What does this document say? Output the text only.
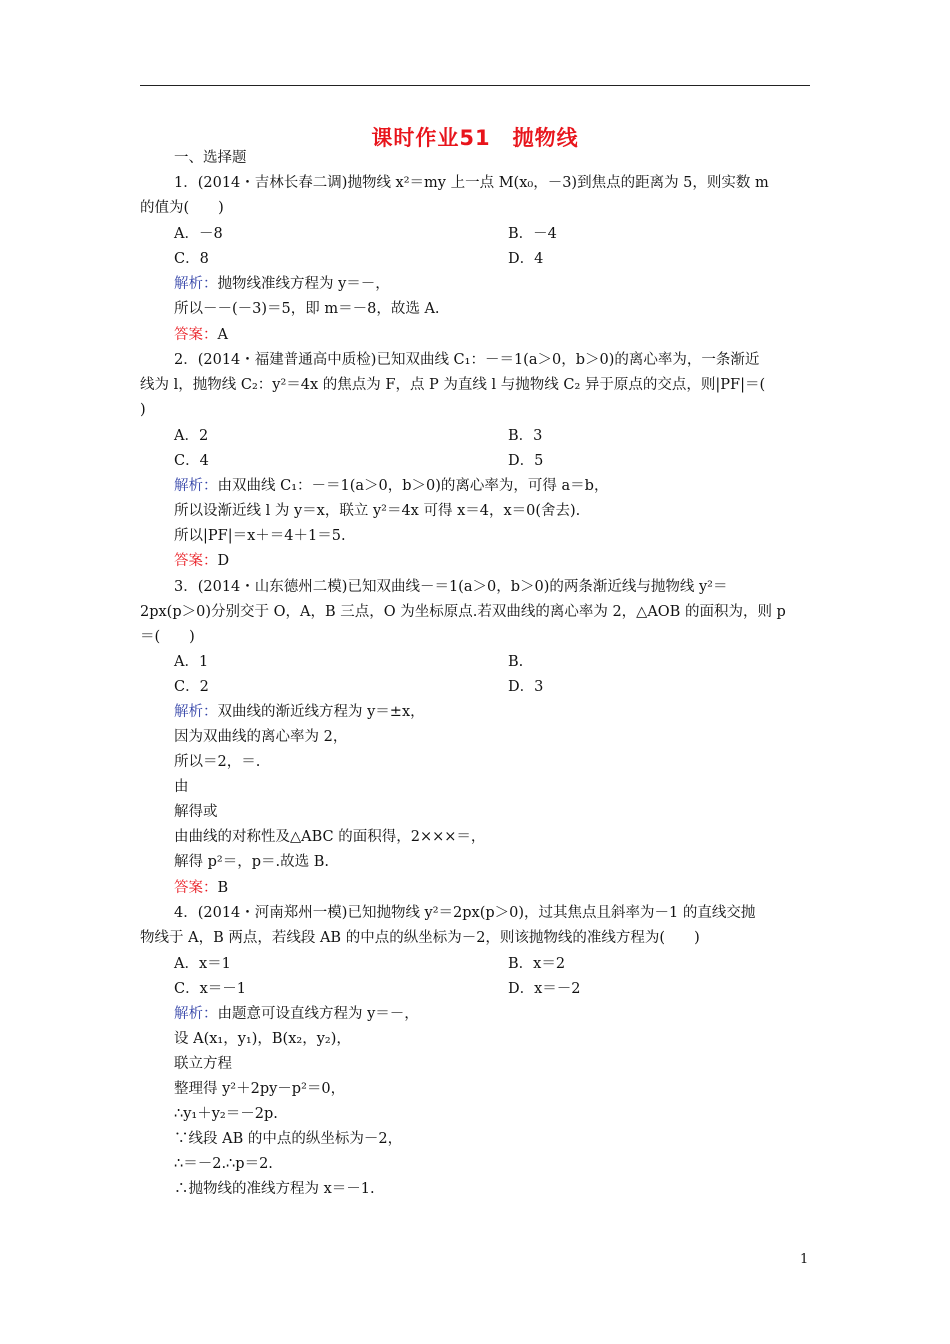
课时作业51　抛物线
一、选择题
1．(2014・吉林长春二调)抛物线 x²＝my 上一点 M(x₀，－3)到焦点的距离为 5，则实数 m
的值为(　　)
A．－8	B．－4
C．8	D．4
解析：抛物线准线方程为 y＝－，
所以－－(－3)＝5，即 m＝－8，故选 A.
答案：A
2．(2014・福建普通高中质检)已知双曲线 C₁：－＝1(a＞0，b＞0)的离心率为，一条渐近
线为 l，抛物线 C₂：y²＝4x 的焦点为 F，点 P 为直线 l 与抛物线 C₂ 异于原点的交点，则|PF|＝(
)
A．2	B．3
C．4	D．5
解析：由双曲线 C₁：－＝1(a＞0，b＞0)的离心率为，可得 a＝b，
所以设渐近线 l 为 y＝x，联立 y²＝4x 可得 x＝4，x＝0(舍去).
所以|PF|＝x＋＝4＋1＝5.
答案：D
3．(2014・山东德州二模)已知双曲线－＝1(a＞0，b＞0)的两条渐近线与抛物线 y²＝
2px(p＞0)分别交于 O，A，B 三点，O 为坐标原点.若双曲线的离心率为 2，△AOB 的面积为，则 p
＝(　　)
A．1	B.
C．2	D．3
解析：双曲线的渐近线方程为 y＝±x，
因为双曲线的离心率为 2，
所以＝2，＝.
由
解得或
由曲线的对称性及△ABC 的面积得，2×××＝，
解得 p²＝，p＝.故选 B.
答案：B
4．(2014・河南郑州一模)已知抛物线 y²＝2px(p＞0)，过其焦点且斜率为－1 的直线交抛
物线于 A，B 两点，若线段 AB 的中点的纵坐标为－2，则该抛物线的准线方程为(　　)
A．x＝1	B．x＝2
C．x＝－1	D．x＝－2
解析：由题意可设直线方程为 y＝－，
设 A(x₁，y₁)，B(x₂，y₂)，
联立方程
整理得 y²＋2py－p²＝0，
∴y₁＋y₂＝－2p.
∵线段 AB 的中点的纵坐标为－2，
∴＝－2.∴p＝2.
∴抛物线的准线方程为 x＝－1.
1
